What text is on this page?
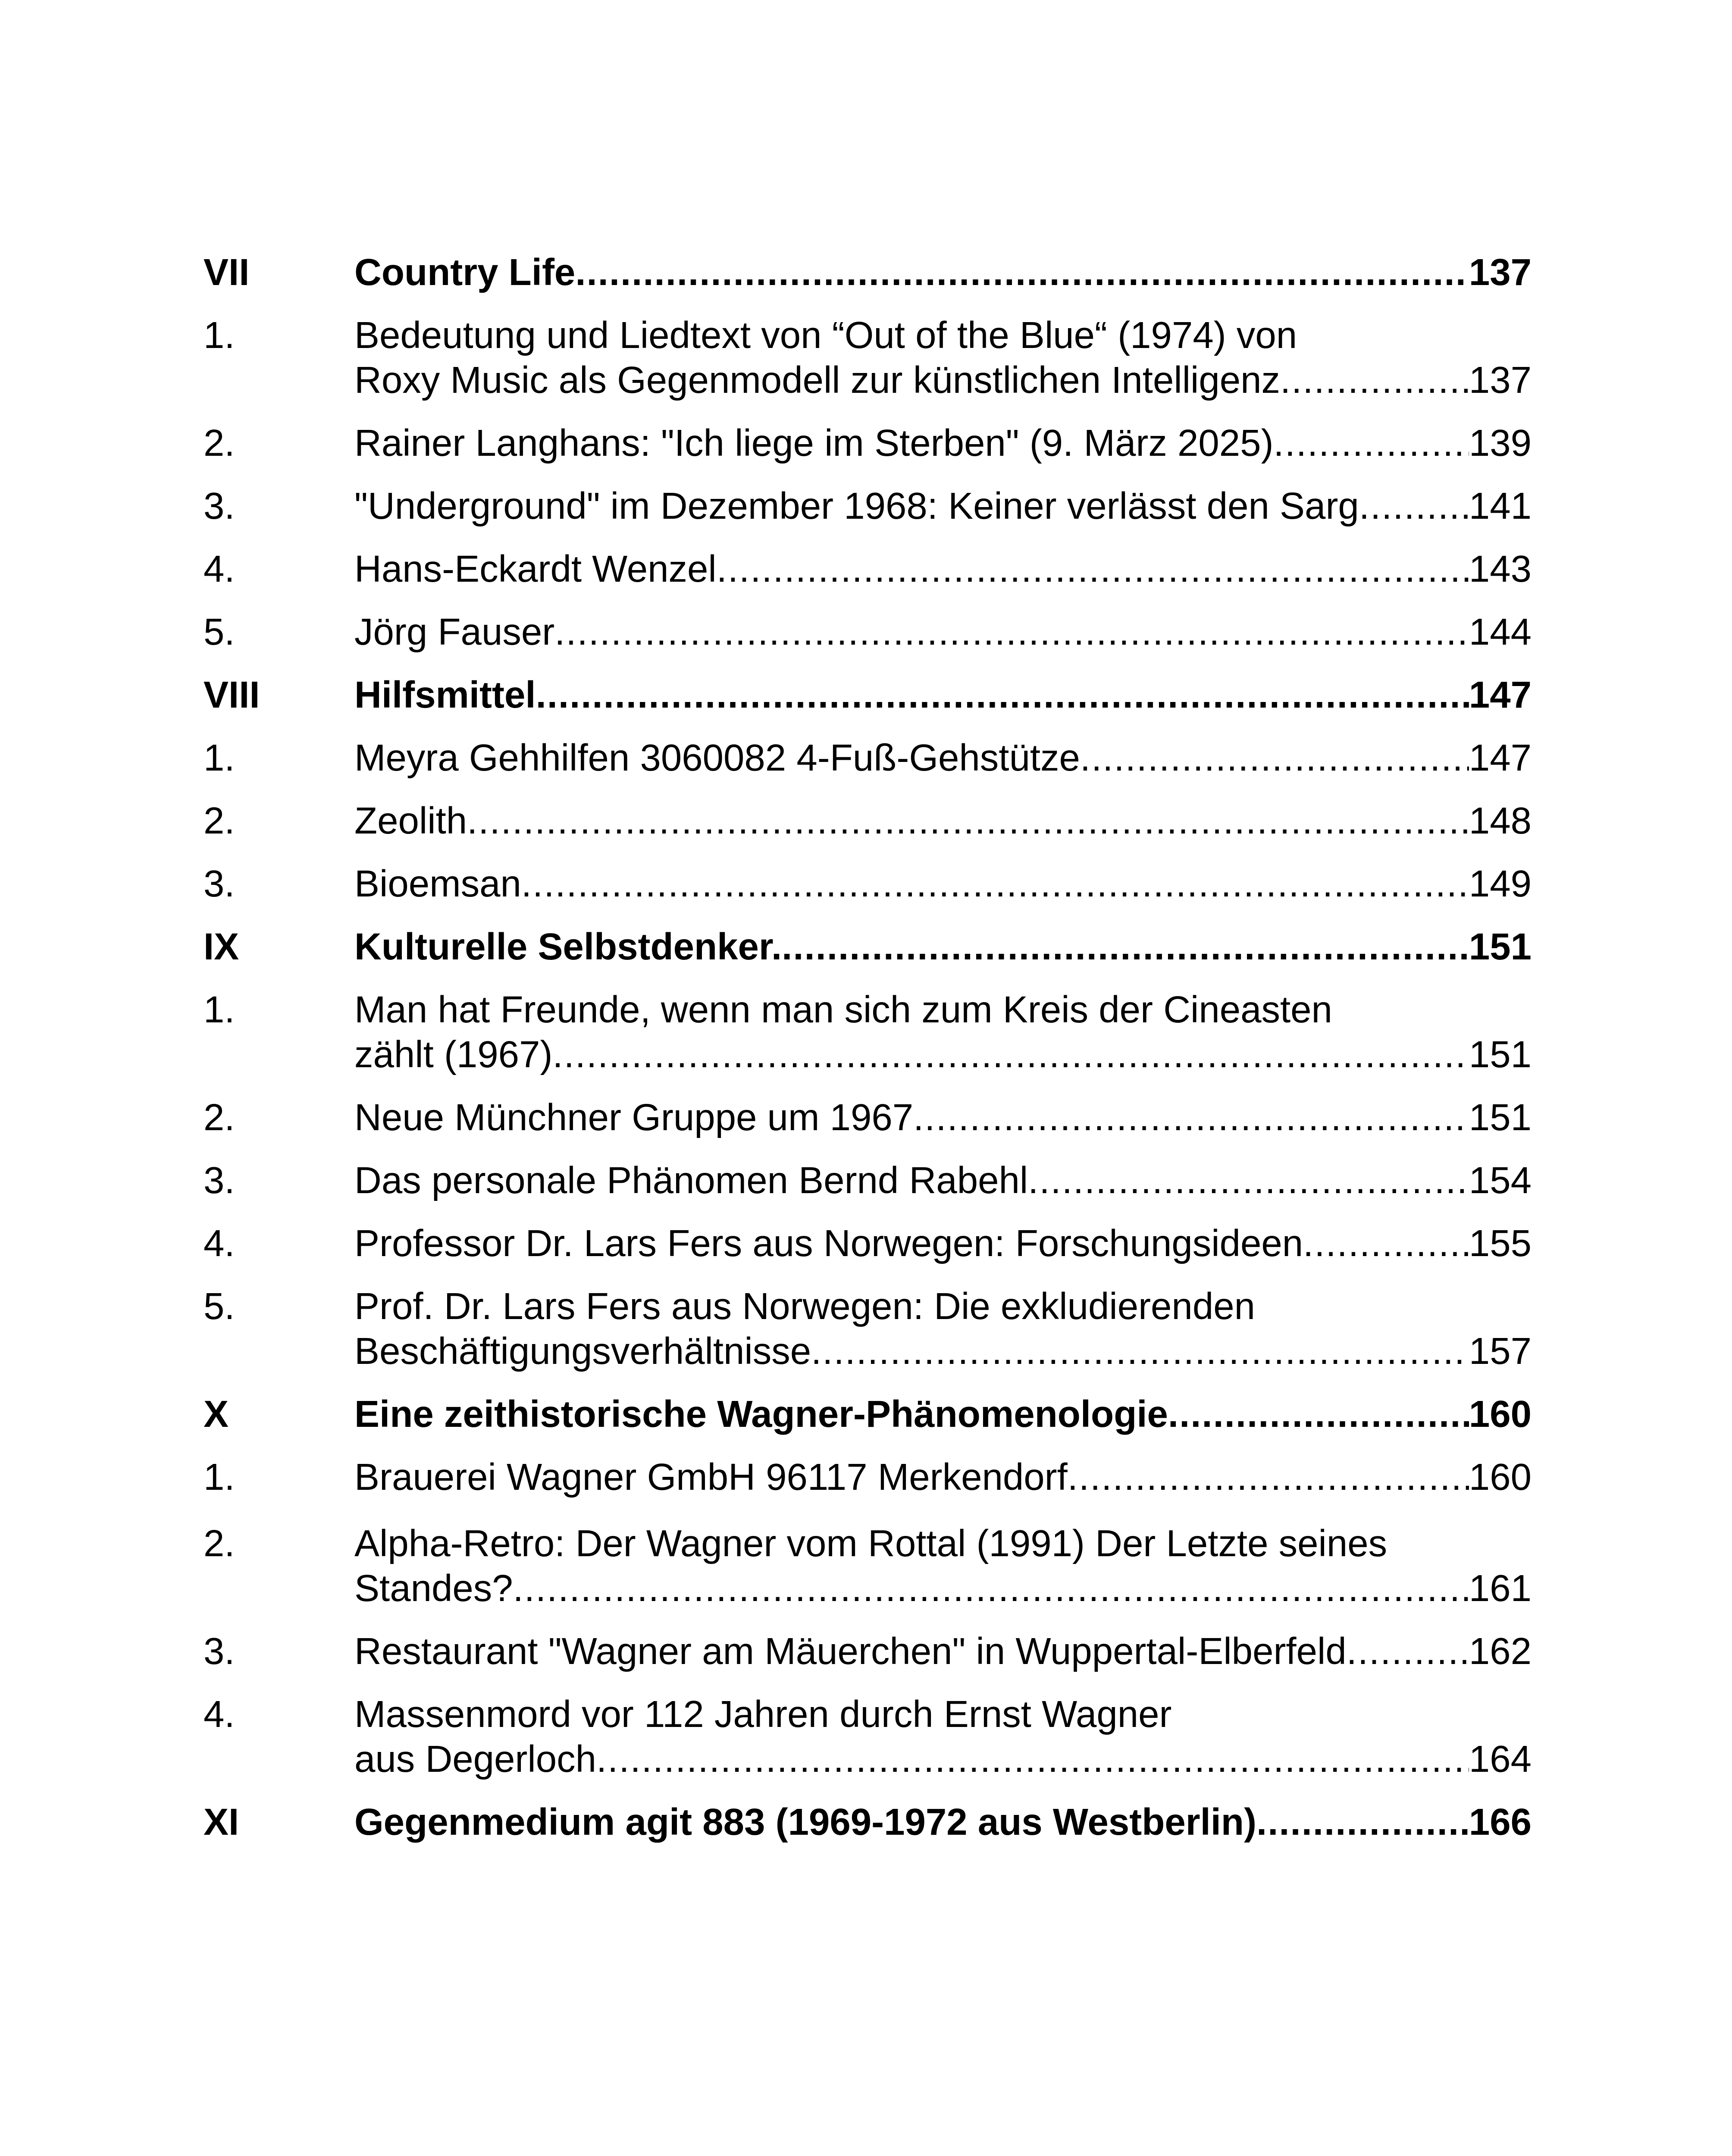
VII	Country Life .....	137
1.	Bedeutung und Liedtext von “Out of the Blue“ (1974) von
Roxy Music als Gegenmodell zur künstlichen Intelligenz .....	137
2.	Rainer Langhans: "Ich liege im Sterben" (9. März 2025) .....	139
3.	"Underground" im Dezember 1968: Keiner verlässt den Sarg .....	141
4.	Hans-Eckardt Wenzel .....	143
5.	Jörg Fauser .....	144
VIII	Hilfsmittel .....	147
1.	Meyra Gehhilfen 3060082 4-Fuß-Gehstütze .....	147
2.	Zeolith .....	148
3.	Bioemsan .....	149
IX	Kulturelle Selbstdenker. .....	151
1.	Man hat Freunde, wenn man sich zum Kreis der Cineasten
zählt (1967) .....	151
2.	Neue Münchner Gruppe um 1967 .....	151
3.	Das personale Phänomen Bernd Rabehl .....	154
4.	Professor Dr. Lars Fers aus Norwegen: Forschungsideen .....	155
5.	Prof. Dr. Lars Fers aus Norwegen: Die exkludierenden
Beschäftigungsverhältnisse .....	157
X	Eine zeithistorische Wagner-Phänomenologie .....	160
1.	Brauerei Wagner GmbH 96117 Merkendorf .....	160
2.	Alpha-Retro: Der Wagner vom Rottal (1991) Der Letzte seines
Standes? .....	161
3.	Restaurant "Wagner am Mäuerchen" in Wuppertal-Elberfeld .....	162
4.	Massenmord vor 112 Jahren durch Ernst Wagner
aus Degerloch .....	164
XI	Gegenmedium agit 883 (1969-1972 aus Westberlin) .....	166
